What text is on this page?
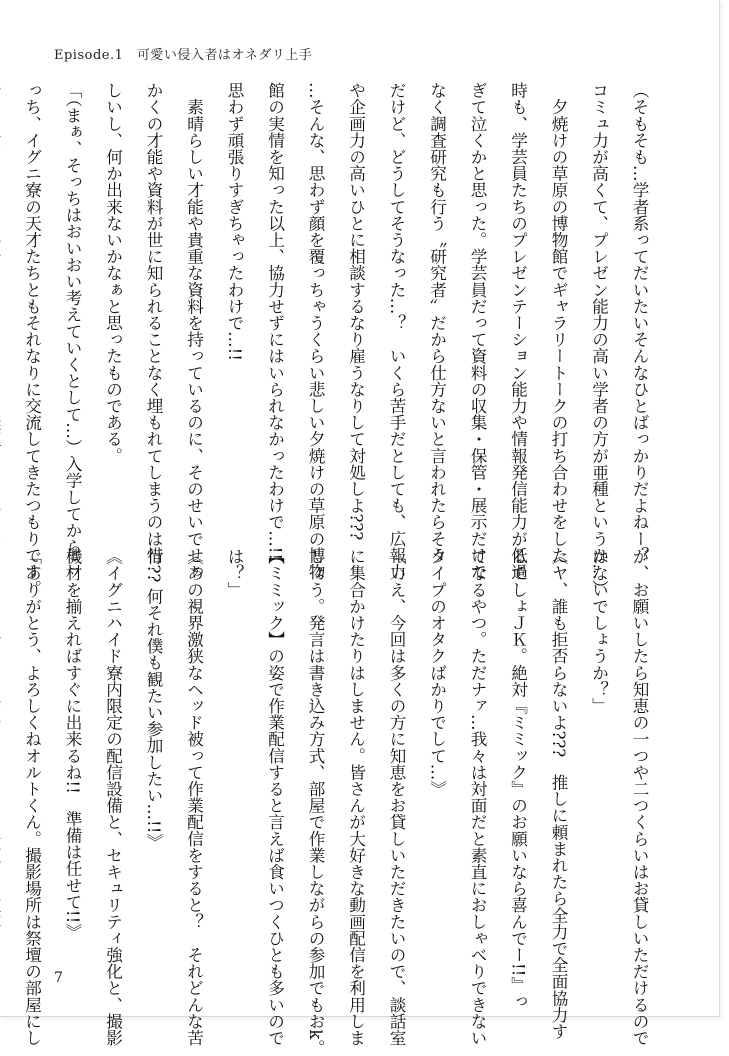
Episode.1　可愛い侵入者はオネダリ上手
（そもそも…学者系ってだいたいそんなひとばっかりだよねー？
コミュ力が高くて、プレゼン能力の高い学者の方が亜種というか…）
　夕焼けの草原の博物館でギャラリートークの打ち合わせをした
時も、学芸員たちのプレゼンテーション能力や情報発信能力が低過
ぎて泣くかと思った。学芸員だって資料の収集・保管・展示だけで
なく調査研究も行う〝研究者〟だから仕方ないと言われたらそう
だけど、どうしてそうなった…？　いくら苦手だとしても、広報力
や企画力の高いひとに相談するなり雇うなりして対処しよ???
…そんな、思わず顔を覆っちゃうくらい悲しい夕焼けの草原の博物
館の実情を知った以上、協力せずにはいられなかったわけで…!!
思わず頑張りすぎちゃったわけで…!!
　素晴らしい才能や貴重な資料を持っているのに、そのせいでせっ
かくの才能や資料が世に知られることなく埋もれてしまうのは惜
しいし、何か出来ないかなぁと思ったものである。
「（まぁ、そっちはおいおい考えていくとして…）入学してからこ
っち、イグニ寮の天才たちともそれなりに交流してきたつもりです。
が、お願いしたら知恵の一つや二つくらいはお貸しいただけるので
はないでしょうか？」
《ヤ、誰も拒否らないよ???　推しに頼まれたら全力で全面協力す
るでしょＪＫ。絶対『ミミック』のお願いなら喜んでー!!』っ
てなるやつ。ただナァ…我々は対面だと素直におしゃべりできない
タイプのオタクばかりでして…》
「いえ、今回は多くの方に知恵をお貸しいただきたいので、談話室
に集合かけたりはしません。皆さんが大好きな動画配信を利用しま
しょう。発言は書き込み方式、部屋で作業しながらの参加でもおk。
【ミミック】の姿で作業配信すると言えば食いつくひとも多いので
は？」
《あの視界激狭なヘッド被って作業配信をすると？　それどんな苦
行?? 何それ僕も観たい参加したい…!!》
《イグニハイド寮内限定の配信設備と、セキュリティ強化と、撮影
機材を揃えればすぐに出来るね!!　準備は任せて!!》
「ありがとう、よろしくねオルトくん。撮影場所は祭壇の部屋にし 7
